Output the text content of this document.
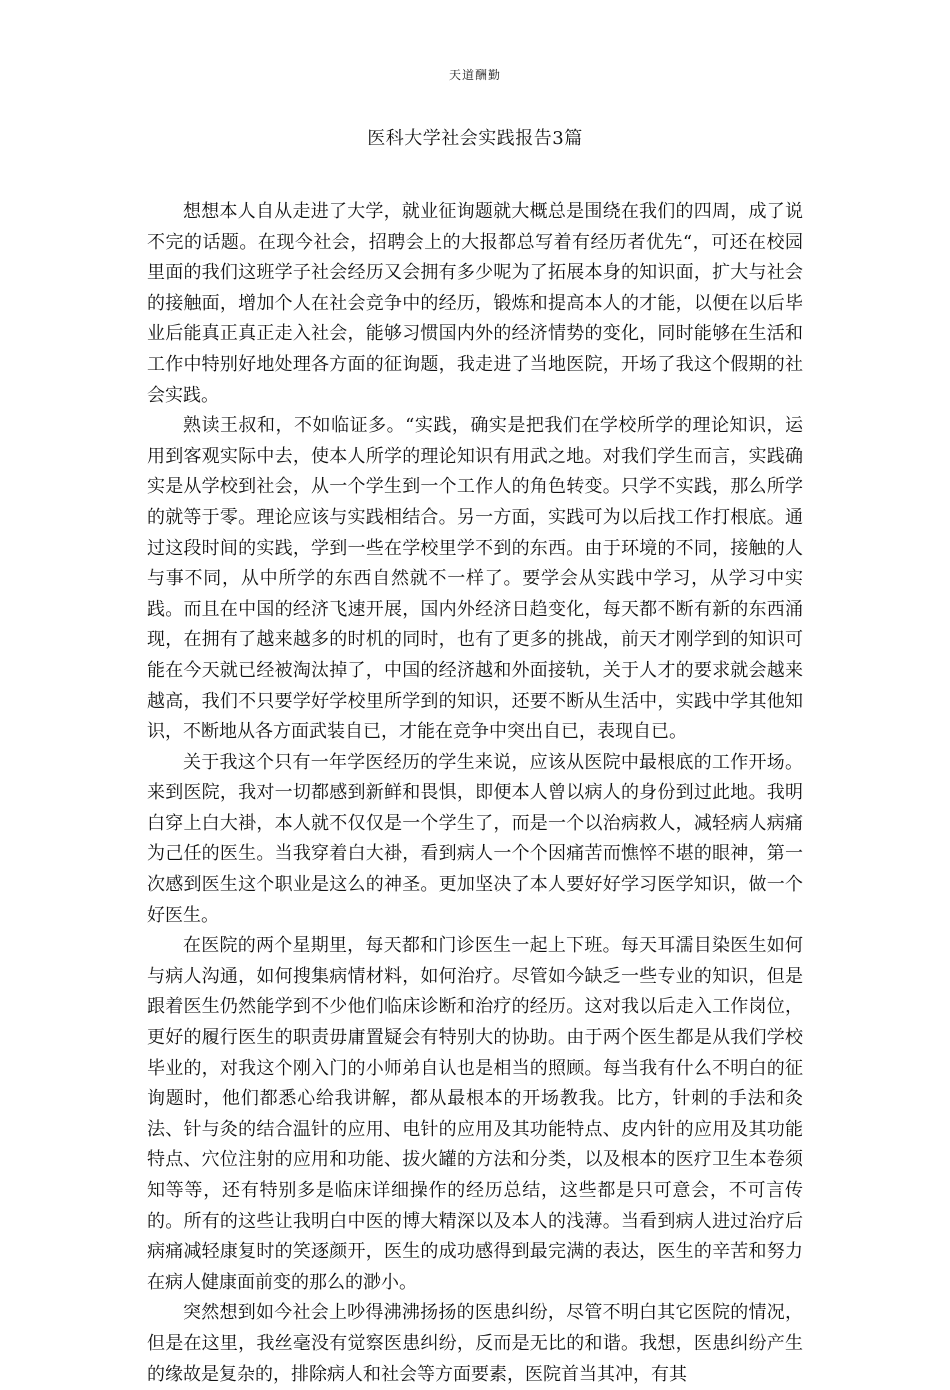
天道酬勤
医科大学社会实践报告3篇

想想本人自从走进了大学，就业征询题就大概总是围绕在我们的四周，成了说不完的话题。在现今社会，招聘会上的大报都总写着有经历者优先“，可还在校园里面的我们这班学子社会经历又会拥有多少呢为了拓展本身的知识面，扩大与社会的接触面，增加个人在社会竞争中的经历，锻炼和提高本人的才能，以便在以后毕业后能真正真正走入社会，能够习惯国内外的经济情势的变化，同时能够在生活和工作中特别好地处理各方面的征询题，我走进了当地医院，开场了我这个假期的社会实践。

熟读王叔和，不如临证多。“实践，确实是把我们在学校所学的理论知识，运用到客观实际中去，使本人所学的理论知识有用武之地。对我们学生而言，实践确实是从学校到社会，从一个学生到一个工作人的角色转变。只学不实践，那么所学的就等于零。理论应该与实践相结合。另一方面，实践可为以后找工作打根底。通过这段时间的实践，学到一些在学校里学不到的东西。由于环境的不同，接触的人与事不同，从中所学的东西自然就不一样了。要学会从实践中学习，从学习中实践。而且在中国的经济飞速开展，国内外经济日趋变化，每天都不断有新的东西涌现，在拥有了越来越多的时机的同时，也有了更多的挑战，前天才刚学到的知识可能在今天就已经被淘汰掉了，中国的经济越和外面接轨，关于人才的要求就会越来越高，我们不只要学好学校里所学到的知识，还要不断从生活中，实践中学其他知识，不断地从各方面武装自已，才能在竞争中突出自已，表现自已。

关于我这个只有一年学医经历的学生来说，应该从医院中最根底的工作开场。来到医院，我对一切都感到新鲜和畏惧，即便本人曾以病人的身份到过此地。我明白穿上白大褂，本人就不仅仅是一个学生了，而是一个以治病救人，减轻病人病痛为己任的医生。当我穿着白大褂，看到病人一个个因痛苦而憔悴不堪的眼神，第一次感到医生这个职业是这么的神圣。更加坚决了本人要好好学习医学知识，做一个好医生。

在医院的两个星期里，每天都和门诊医生一起上下班。每天耳濡目染医生如何与病人沟通，如何搜集病情材料，如何治疗。尽管如今缺乏一些专业的知识，但是跟着医生仍然能学到不少他们临床诊断和治疗的经历。这对我以后走入工作岗位，更好的履行医生的职责毋庸置疑会有特别大的协助。由于两个医生都是从我们学校毕业的，对我这个刚入门的小师弟自认也是相当的照顾。每当我有什么不明白的征询题时，他们都悉心给我讲解，都从最根本的开场教我。比方，针刺的手法和灸法、针与灸的结合温针的应用、电针的应用及其功能特点、皮内针的应用及其功能特点、穴位注射的应用和功能、拔火罐的方法和分类，以及根本的医疗卫生本卷须知等等，还有特别多是临床详细操作的经历总结，这些都是只可意会，不可言传的。所有的这些让我明白中医的博大精深以及本人的浅薄。当看到病人进过治疗后病痛减轻康复时的笑逐颜开，医生的成功感得到最完满的表达，医生的辛苦和努力在病人健康面前变的那么的渺小。

突然想到如今社会上吵得沸沸扬扬的医患纠纷，尽管不明白其它医院的情况，但是在这里，我丝毫没有觉察医患纠纷，反而是无比的和谐。我想，医患纠纷产生的缘故是复杂的，排除病人和社会等方面要素，医院首当其冲，有其
